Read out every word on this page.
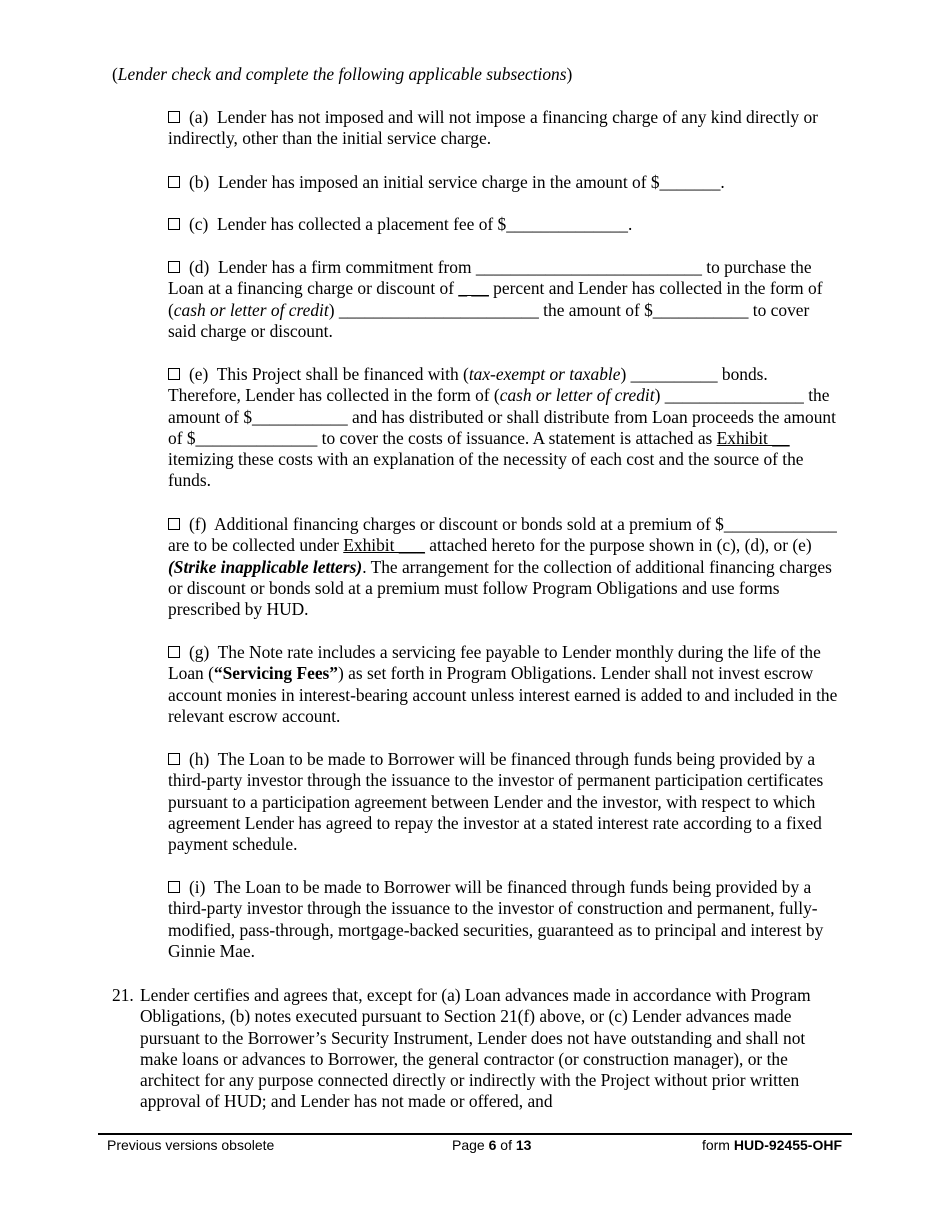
(Lender check and complete the following applicable subsections)

(a) Lender has not imposed and will not impose a financing charge of any kind directly or indirectly, other than the initial service charge.

(b) Lender has imposed an initial service charge in the amount of $_______.

(c) Lender has collected a placement fee of $______________.

(d) Lender has a firm commitment from __________________________ to purchase the Loan at a financing charge or discount of _ __ percent and Lender has collected in the form of (cash or letter of credit) _______________________ the amount of $___________ to cover said charge or discount.

(e) This Project shall be financed with (tax-exempt or taxable) __________ bonds. Therefore, Lender has collected in the form of (cash or letter of credit) ________________ the amount of $___________ and has distributed or shall distribute from Loan proceeds the amount of $______________ to cover the costs of issuance. A statement is attached as Exhibit __ itemizing these costs with an explanation of the necessity of each cost and the source of the funds.

(f) Additional financing charges or discount or bonds sold at a premium of $_____________ are to be collected under Exhibit ___ attached hereto for the purpose shown in (c), (d), or (e) (Strike inapplicable letters). The arrangement for the collection of additional financing charges or discount or bonds sold at a premium must follow Program Obligations and use forms prescribed by HUD.

(g)  The Note rate includes a servicing fee payable to Lender monthly during the life of the Loan (“Servicing Fees”) as set forth in Program Obligations. Lender shall not invest escrow account monies in interest-bearing account unless interest earned is added to and included in the relevant escrow account.

(h) The Loan to be made to Borrower will be financed through funds being provided by a third-party investor through the issuance to the investor of permanent participation certificates pursuant to a participation agreement between Lender and the investor, with respect to which agreement Lender has agreed to repay the investor at a stated interest rate according to a fixed payment schedule.

(i)  The Loan to be made to Borrower will be financed through funds being provided by a third-party investor through the issuance to the investor of construction and permanent, fully-modified, pass-through, mortgage-backed securities, guaranteed as to principal and interest by Ginnie Mae.

21. Lender certifies and agrees that, except for (a) Loan advances made in accordance with Program Obligations, (b) notes executed pursuant to Section 21(f) above, or (c) Lender advances made pursuant to the Borrower’s Security Instrument, Lender does not have outstanding and shall not make loans or advances to Borrower, the general contractor (or construction manager), or the architect for any purpose connected directly or indirectly with the Project without prior written approval of HUD; and Lender has not made or offered, and

Previous versions obsolete	Page 6 of 13	form HUD-92455-OHF
